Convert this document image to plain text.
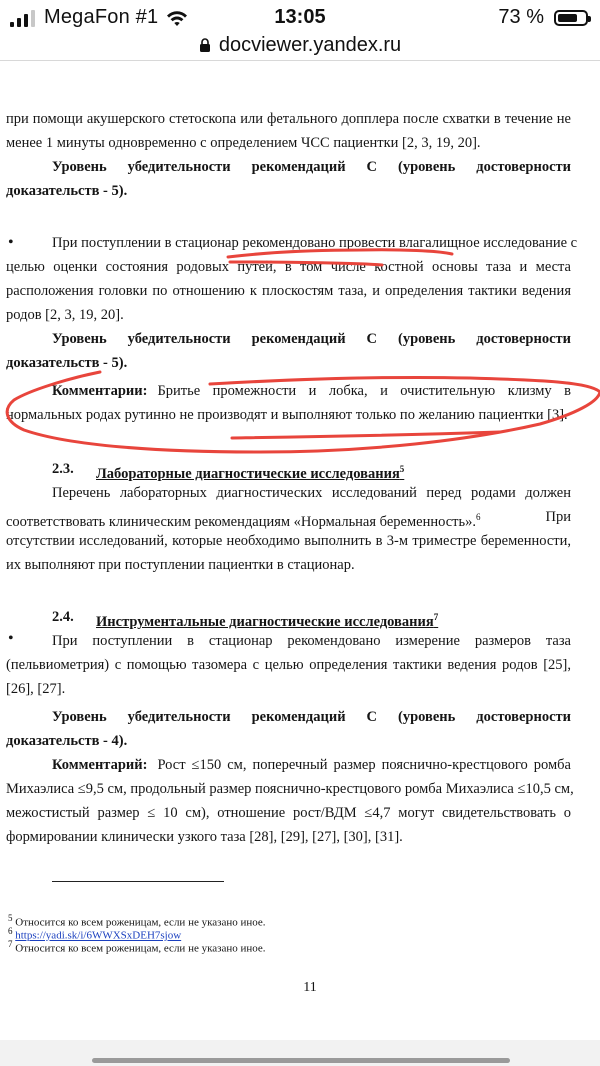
MegaFon #1	13:05	73 %
docviewer.yandex.ru
при помощи акушерского стетоскопа или фетального допплера после схватки в течение не
менее 1 минуты одновременно с определением ЧСС пациентки [2, 3, 19, 20].
Уровень убедительности рекомендаций С (уровень достоверности
доказательств - 5).
•	При поступлении в стационар рекомендовано провести влагалищное исследование с
целью оценки состояния родовых путей, в том числе костной основы таза и места
расположения головки по отношению к плоскостям таза, и определения тактики ведения
родов [2, 3, 19, 20].
Уровень убедительности рекомендаций С (уровень достоверности
доказательств - 5).
Комментарии: Бритье промежности и лобка, и очистительную клизму в
нормальных родах рутинно не производят и выполняют только по желанию пациентки [3].
2.3. Лабораторные диагностические исследования$^5$
Перечень лабораторных диагностических исследований перед родами должен
соответствовать клиническим рекомендациям «Нормальная беременность».$^6$	При
отсутствии исследований, которые необходимо выполнить в 3-м триместре беременности,
их выполняют при поступлении пациентки в стационар.
2.4. Инструментальные диагностические исследования$^7$
•	При поступлении в стационар рекомендовано измерение размеров таза
(пельвиометрия) с помощью тазомера с целью определения тактики ведения родов [25],
[26], [27].
Уровень убедительности рекомендаций С (уровень достоверности
доказательств - 4).
Комментарий: Рост ≤150 см, поперечный размер пояснично-крестцового ромба
Михаэлиса ≤9,5 см, продольный размер пояснично-крестцового ромба Михаэлиса ≤10,5 см,
межостистый размер ≤ 10 см), отношение рост/ВДМ ≤4,7 могут свидетельствовать о
формировании клинически узкого таза [28], [29], [27], [30], [31].
$^5$ Относится ко всем роженицам, если не указано иное.
$^6$ https://yadi.sk/i/6WWXSxDEH7sjow
$^7$ Относится ко всем роженицам, если не указано иное.
11
